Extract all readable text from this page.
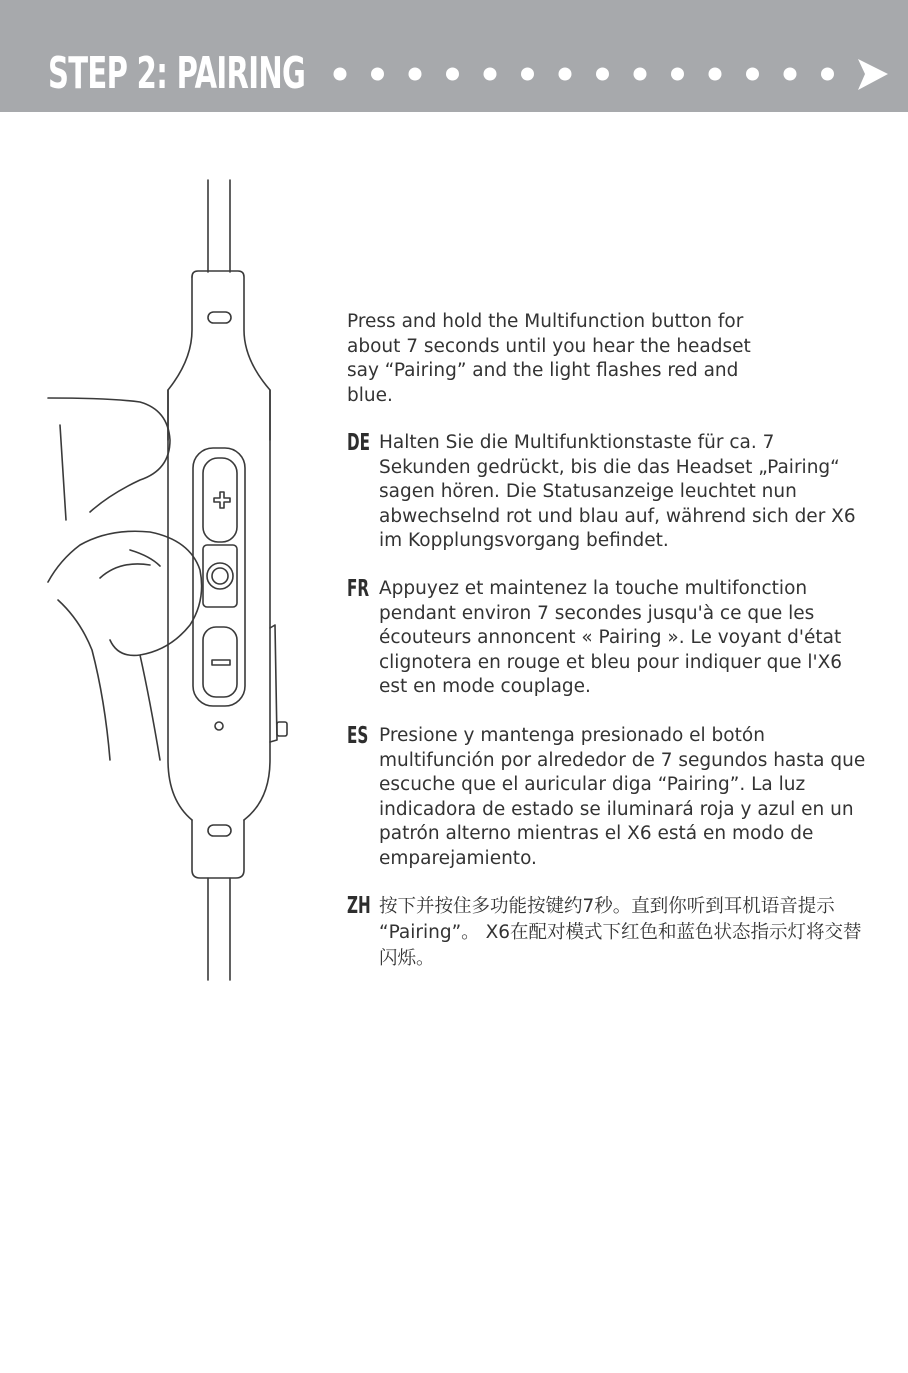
STEP 2: PAIRING

Press and hold the Multifunction button for about 7 seconds until you hear the headset say “Pairing” and the light flashes red and blue.

DE Halten Sie die Multifunktionstaste für ca. 7 Sekunden gedrückt, bis die das Headset „Pairing“ sagen hören. Die Statusanzeige leuchtet nun abwechselnd rot und blau auf, während sich der X6 im Kopplungsvorgang befindet.

FR Appuyez et maintenez la touche multifonction pendant environ 7 secondes jusqu'à ce que les écouteurs annoncent « Pairing ». Le voyant d'état clignotera en rouge et bleu pour indiquer que l'X6 est en mode couplage.

ES Presione y mantenga presionado el botón multifunción por alrededor de 7 segundos hasta que escuche que el auricular diga “Pairing”. La luz indicadora de estado se iluminará roja y azul en un patrón alterno mientras el X6 está en modo de emparejamiento.

ZH 按下并按住多功能按键约7秒。直到你听到耳机语音提示 “Pairing”。 X6在配对模式下红色和蓝色状态指示灯将交替闪烁。
